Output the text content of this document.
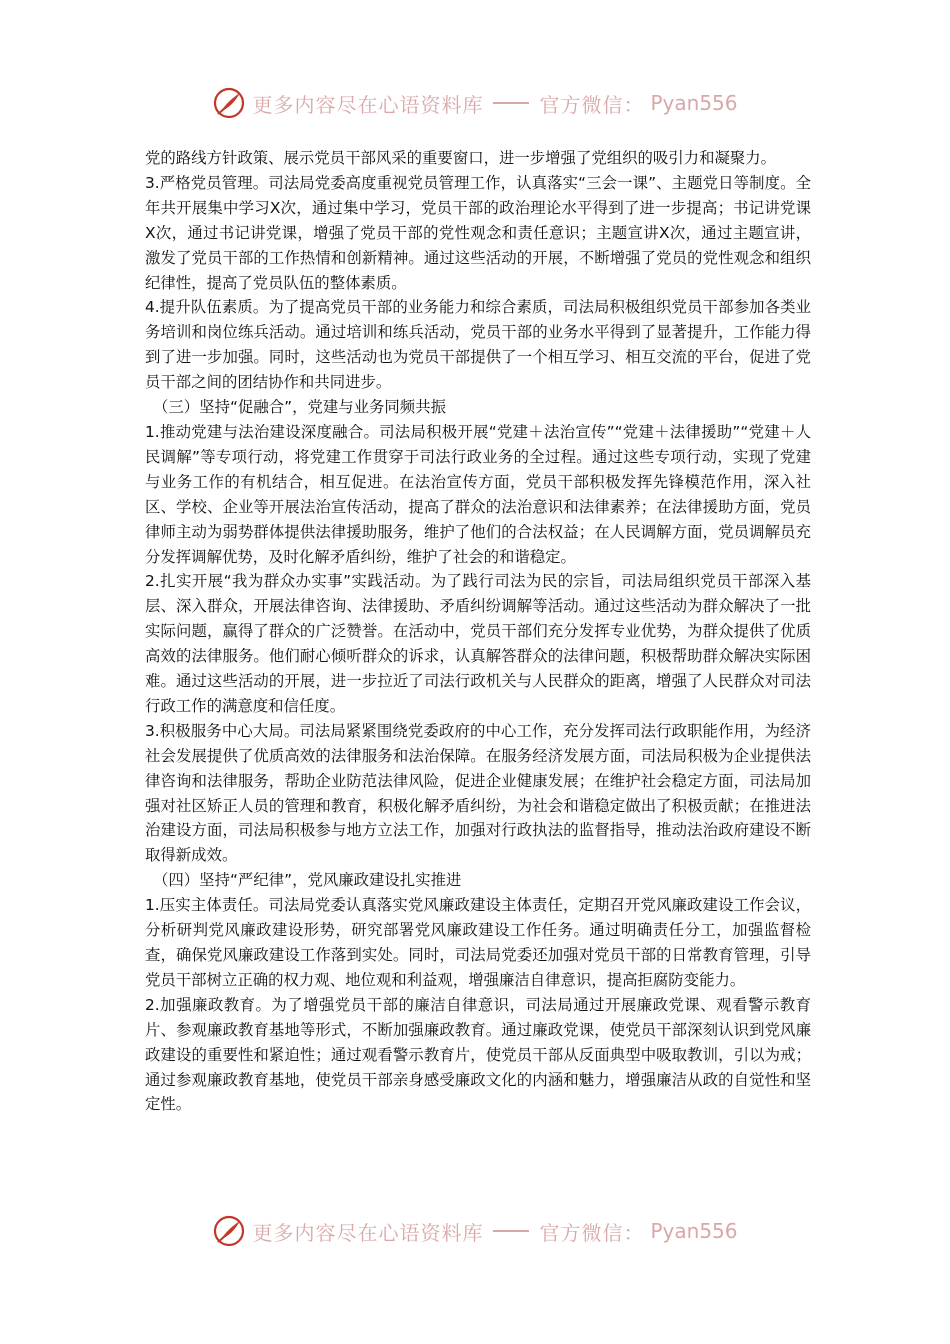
更多内容尽在心语资料库	官方微信： Pyan556

党的路线方针政策、展示党员干部风采的重要窗口，进一步增强了党组织的吸引力和凝聚力。

3.严格党员管理。司法局党委高度重视党员管理工作，认真落实“三会一课”、主题党日等制度。全年共开展集中学习X次，通过集中学习，党员干部的政治理论水平得到了进一步提高；书记讲党课X次，通过书记讲党课，增强了党员干部的党性观念和责任意识；主题宣讲X次，通过主题宣讲，激发了党员干部的工作热情和创新精神。通过这些活动的开展，不断增强了党员的党性观念和组织纪律性，提高了党员队伍的整体素质。

4.提升队伍素质。为了提高党员干部的业务能力和综合素质，司法局积极组织党员干部参加各类业务培训和岗位练兵活动。通过培训和练兵活动，党员干部的业务水平得到了显著提升，工作能力得到了进一步加强。同时，这些活动也为党员干部提供了一个相互学习、相互交流的平台，促进了党员干部之间的团结协作和共同进步。

（三）坚持“促融合”，党建与业务同频共振

1.推动党建与法治建设深度融合。司法局积极开展“党建＋法治宣传”“党建＋法律援助”“党建＋人民调解”等专项行动，将党建工作贯穿于司法行政业务的全过程。通过这些专项行动，实现了党建与业务工作的有机结合，相互促进。在法治宣传方面，党员干部积极发挥先锋模范作用，深入社区、学校、企业等开展法治宣传活动，提高了群众的法治意识和法律素养；在法律援助方面，党员律师主动为弱势群体提供法律援助服务，维护了他们的合法权益；在人民调解方面，党员调解员充分发挥调解优势，及时化解矛盾纠纷，维护了社会的和谐稳定。

2.扎实开展“我为群众办实事”实践活动。为了践行司法为民的宗旨，司法局组织党员干部深入基层、深入群众，开展法律咨询、法律援助、矛盾纠纷调解等活动。通过这些活动为群众解决了一批实际问题，赢得了群众的广泛赞誉。在活动中，党员干部们充分发挥专业优势，为群众提供了优质高效的法律服务。他们耐心倾听群众的诉求，认真解答群众的法律问题，积极帮助群众解决实际困难。通过这些活动的开展，进一步拉近了司法行政机关与人民群众的距离，增强了人民群众对司法行政工作的满意度和信任度。

3.积极服务中心大局。司法局紧紧围绕党委政府的中心工作，充分发挥司法行政职能作用，为经济社会发展提供了优质高效的法律服务和法治保障。在服务经济发展方面，司法局积极为企业提供法律咨询和法律服务，帮助企业防范法律风险，促进企业健康发展；在维护社会稳定方面，司法局加强对社区矫正人员的管理和教育，积极化解矛盾纠纷，为社会和谐稳定做出了积极贡献；在推进法治建设方面，司法局积极参与地方立法工作，加强对行政执法的监督指导，推动法治政府建设不断取得新成效。

（四）坚持“严纪律”，党风廉政建设扎实推进

1.压实主体责任。司法局党委认真落实党风廉政建设主体责任，定期召开党风廉政建设工作会议，分析研判党风廉政建设形势，研究部署党风廉政建设工作任务。通过明确责任分工，加强监督检查，确保党风廉政建设工作落到实处。同时，司法局党委还加强对党员干部的日常教育管理，引导党员干部树立正确的权力观、地位观和利益观，增强廉洁自律意识，提高拒腐防变能力。

2.加强廉政教育。为了增强党员干部的廉洁自律意识，司法局通过开展廉政党课、观看警示教育片、参观廉政教育基地等形式，不断加强廉政教育。通过廉政党课，使党员干部深刻认识到党风廉政建设的重要性和紧迫性；通过观看警示教育片，使党员干部从反面典型中吸取教训，引以为戒；通过参观廉政教育基地，使党员干部亲身感受廉政文化的内涵和魅力，增强廉洁从政的自觉性和坚定性。

更多内容尽在心语资料库	官方微信： Pyan556
